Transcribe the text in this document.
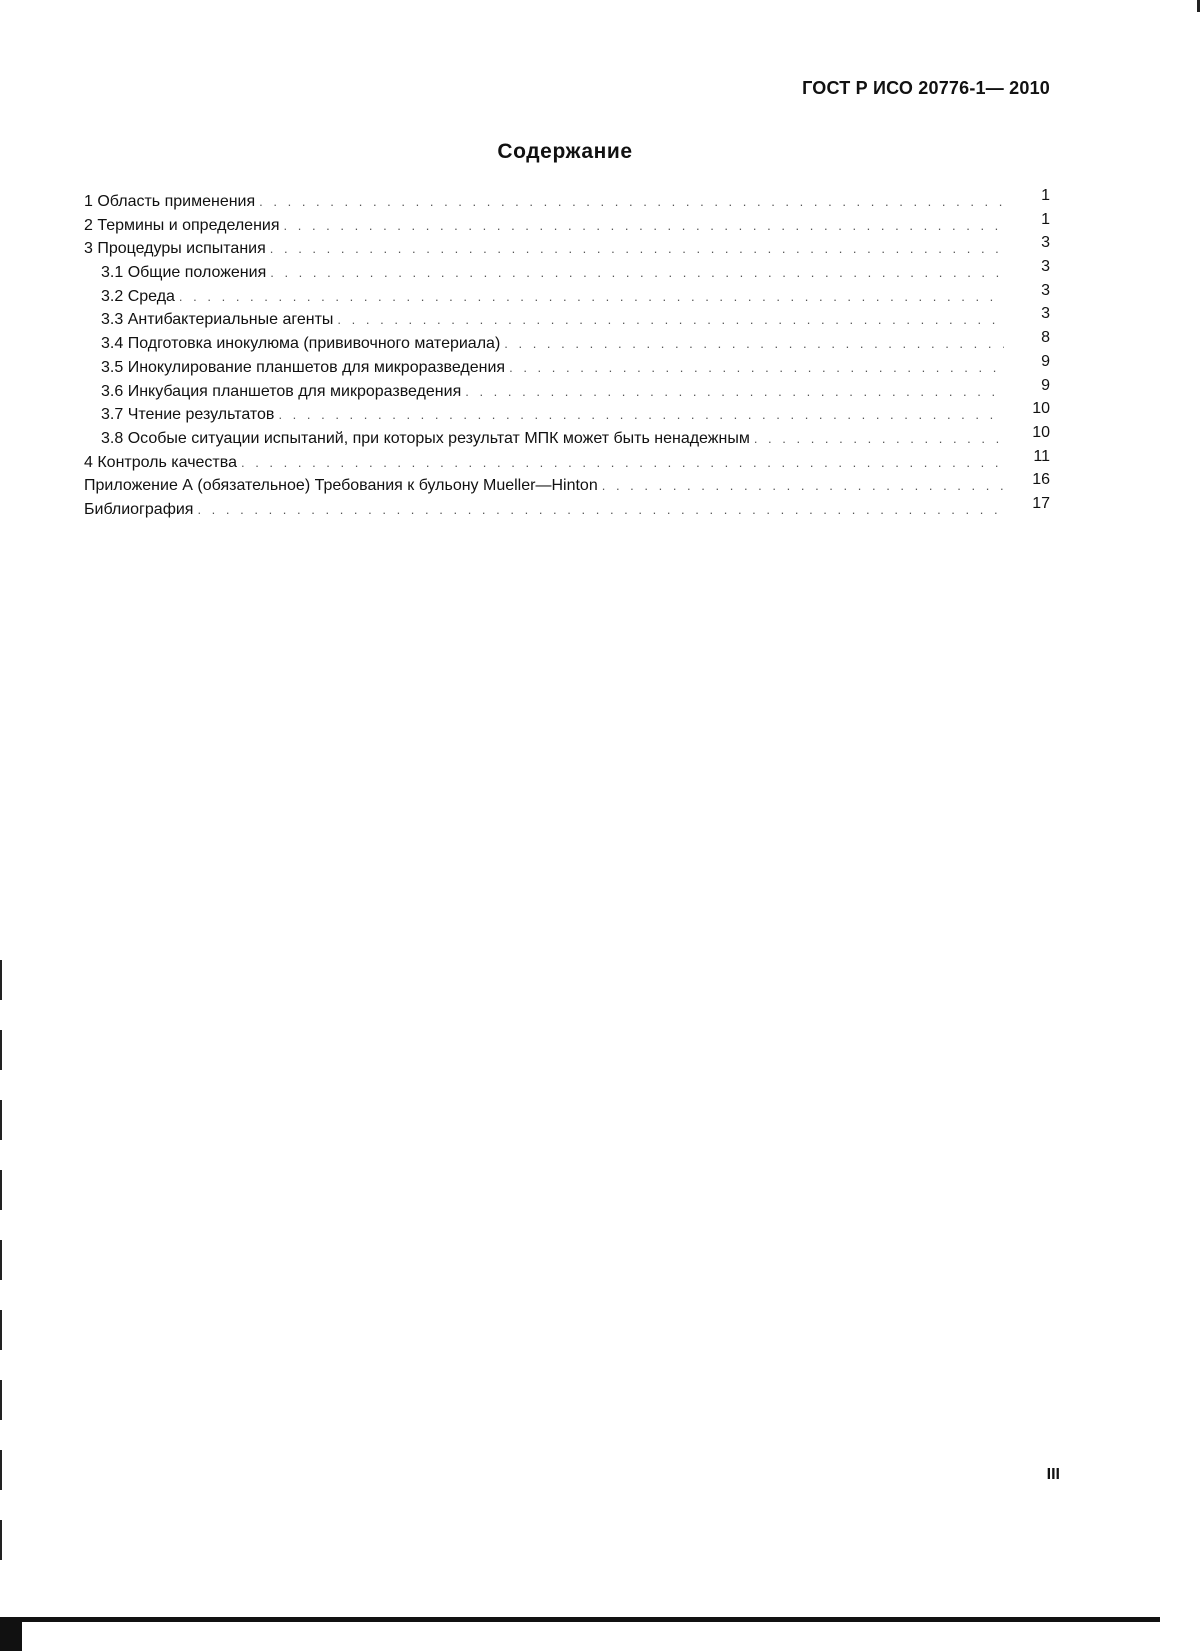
ГОСТ Р ИСО 20776-1— 2010
Содержание
1 Область применения . . .	1
2 Термины и определения . . .	1
3 Процедуры испытания . . .	3
3.1 Общие положения . . .	3
3.2 Среда . . .	3
3.3 Антибактериальные агенты . . .	3
3.4 Подготовка инокулюма (прививочного материала) . . .	8
3.5 Инокулирование планшетов для микроразведения . . .	9
3.6 Инкубация планшетов для микроразведения . . .	9
3.7 Чтение результатов . . .	10
3.8 Особые ситуации испытаний, при которых результат МПК может быть ненадежным . . .	10
4 Контроль качества . . .	11
Приложение А (обязательное) Требования к бульону Mueller—Hinton . . .	16
Библиография . . .	17
III
